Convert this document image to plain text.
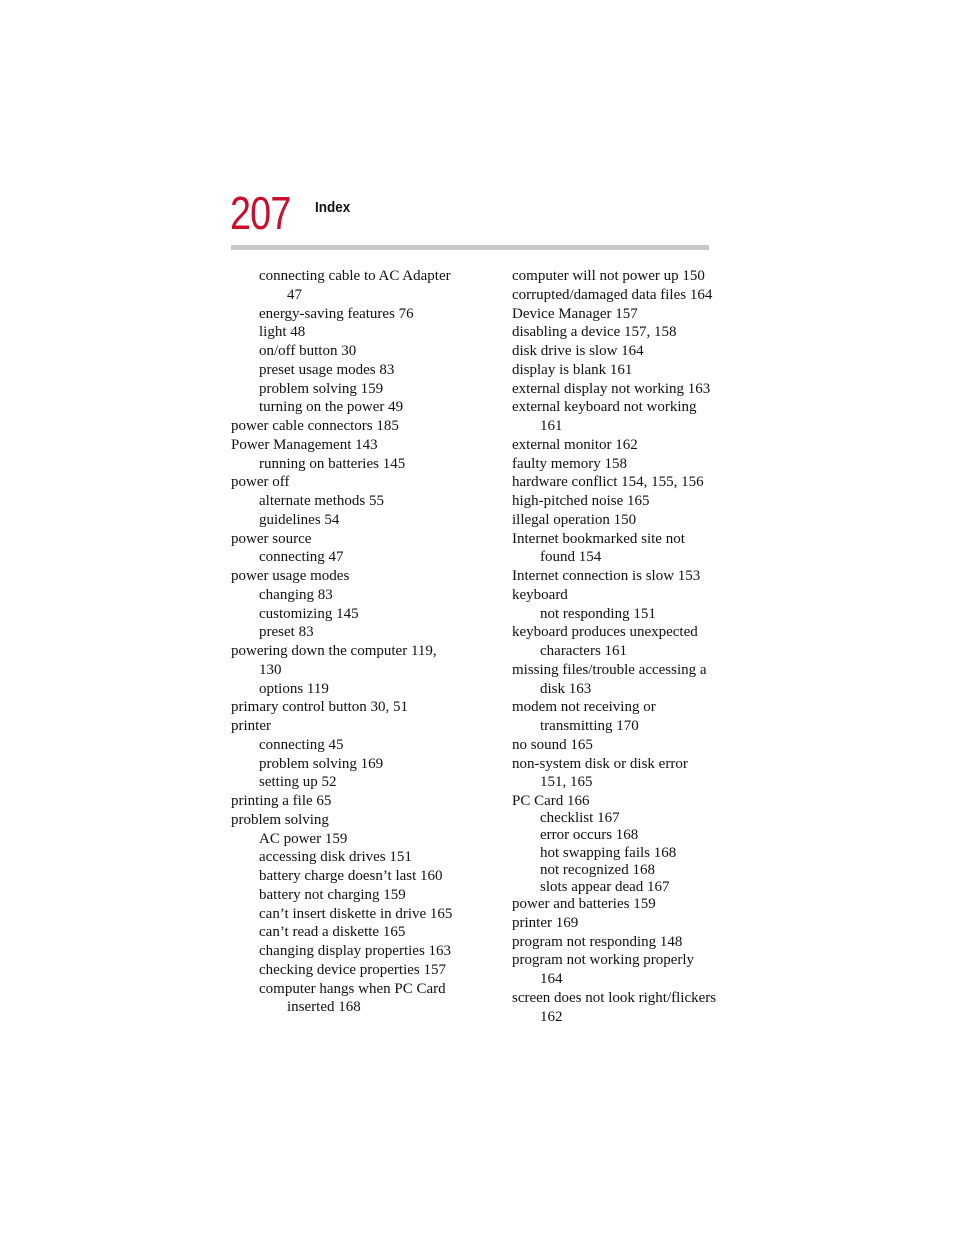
207 Index
connecting cable to AC Adapter
47
energy-saving features 76
light 48
on/off button 30
preset usage modes 83
problem solving 159
turning on the power 49
power cable connectors 185
Power Management 143
running on batteries 145
power off
alternate methods 55
guidelines 54
power source
connecting 47
power usage modes
changing 83
customizing 145
preset 83
powering down the computer 119,
130
options 119
primary control button 30, 51
printer
connecting 45
problem solving 169
setting up 52
printing a file 65
problem solving
AC power 159
accessing disk drives 151
battery charge doesn’t last 160
battery not charging 159
can’t insert diskette in drive 165
can’t read a diskette 165
changing display properties 163
checking device properties 157
computer hangs when PC Card
inserted 168
computer will not power up 150
corrupted/damaged data files 164
Device Manager 157
disabling a device 157, 158
disk drive is slow 164
display is blank 161
external display not working 163
external keyboard not working
161
external monitor 162
faulty memory 158
hardware conflict 154, 155, 156
high-pitched noise 165
illegal operation 150
Internet bookmarked site not
found 154
Internet connection is slow 153
keyboard
not responding 151
keyboard produces unexpected
characters 161
missing files/trouble accessing a
disk 163
modem not receiving or
transmitting 170
no sound 165
non-system disk or disk error
151, 165
PC Card 166
checklist 167
error occurs 168
hot swapping fails 168
not recognized 168
slots appear dead 167
power and batteries 159
printer 169
program not responding 148
program not working properly
164
screen does not look right/flickers
162
